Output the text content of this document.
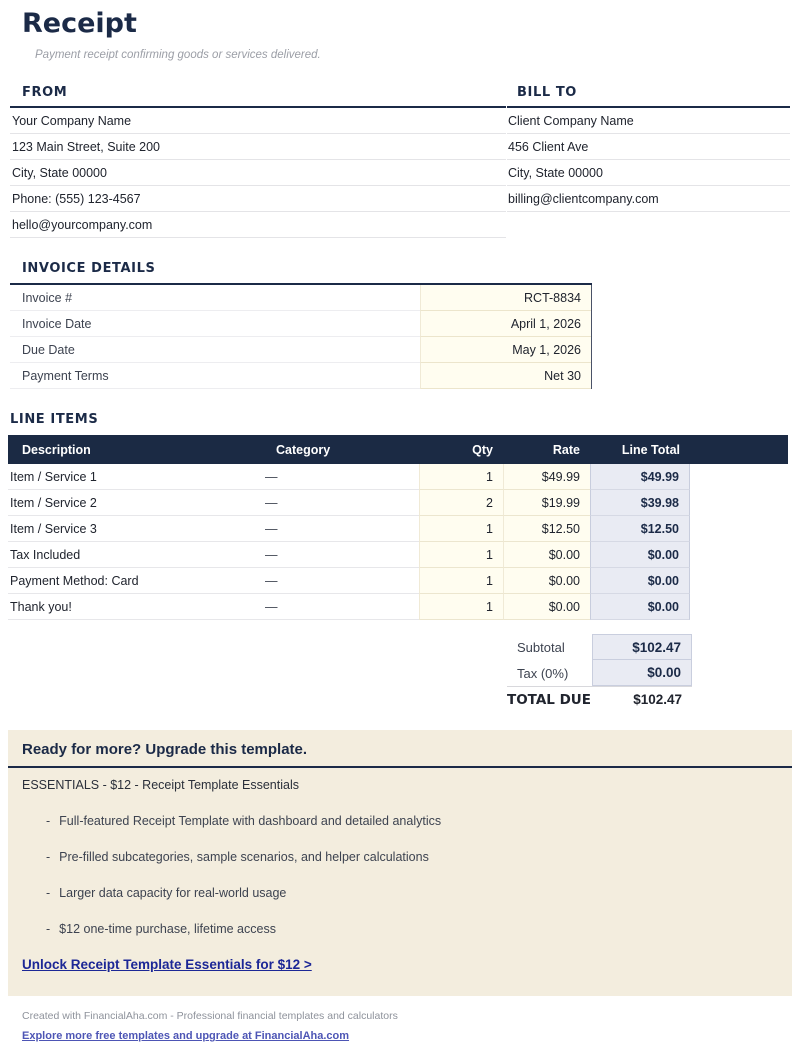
Receipt
Payment receipt confirming goods or services delivered.
FROM
Your Company Name
123 Main Street, Suite 200
City, State 00000
Phone: (555) 123-4567
hello@yourcompany.com
BILL TO
Client Company Name
456 Client Ave
City, State 00000
billing@clientcompany.com
INVOICE DETAILS
Invoice #	RCT-8834
Invoice Date	April 1, 2026
Due Date	May 1, 2026
Payment Terms	Net 30
LINE ITEMS
Description	Category	Qty	Rate	Line Total
Item / Service 1	—	1	$49.99	$49.99
Item / Service 2	—	2	$19.99	$39.98
Item / Service 3	—	1	$12.50	$12.50
Tax Included	—	1	$0.00	$0.00
Payment Method: Card	—	1	$0.00	$0.00
Thank you!	—	1	$0.00	$0.00
Subtotal	$102.47
Tax (0%)	$0.00
TOTAL DUE	$102.47
Ready for more? Upgrade this template.
ESSENTIALS - $12 - Receipt Template Essentials
- Full-featured Receipt Template with dashboard and detailed analytics
- Pre-filled subcategories, sample scenarios, and helper calculations
- Larger data capacity for real-world usage
- $12 one-time purchase, lifetime access
Unlock Receipt Template Essentials for $12 >
Created with FinancialAha.com - Professional financial templates and calculators
Explore more free templates and upgrade at FinancialAha.com
